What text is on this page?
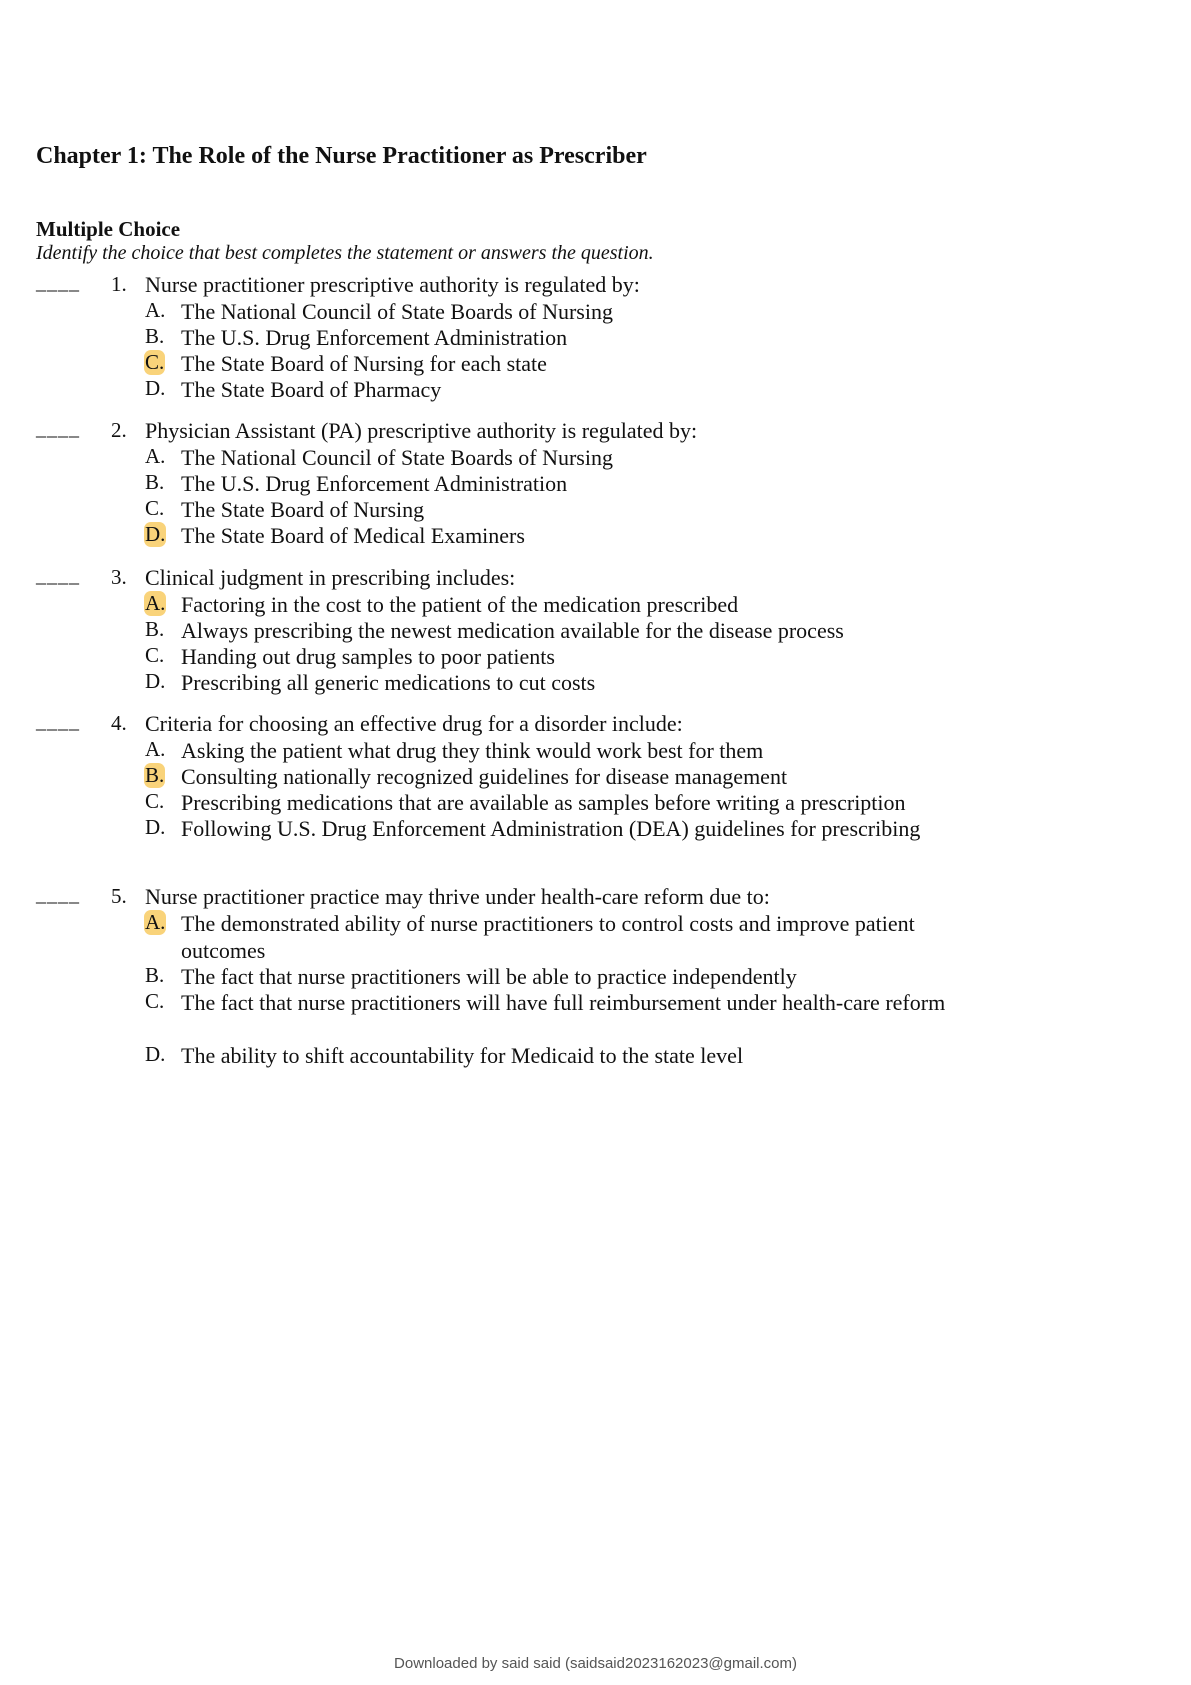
Chapter 1: The Role of the Nurse Practitioner as Prescriber
Multiple Choice
Identify the choice that best completes the statement or answers the question.
____ 1. Nurse practitioner prescriptive authority is regulated by:
A. The National Council of State Boards of Nursing
B. The U.S. Drug Enforcement Administration
C. The State Board of Nursing for each state
D. The State Board of Pharmacy
____ 2. Physician Assistant (PA) prescriptive authority is regulated by:
A. The National Council of State Boards of Nursing
B. The U.S. Drug Enforcement Administration
C. The State Board of Nursing
D. The State Board of Medical Examiners
____ 3. Clinical judgment in prescribing includes:
A. Factoring in the cost to the patient of the medication prescribed
B. Always prescribing the newest medication available for the disease process
C. Handing out drug samples to poor patients
D. Prescribing all generic medications to cut costs
____ 4. Criteria for choosing an effective drug for a disorder include:
A. Asking the patient what drug they think would work best for them
B. Consulting nationally recognized guidelines for disease management
C. Prescribing medications that are available as samples before writing a prescription
D. Following U.S. Drug Enforcement Administration (DEA) guidelines for prescribing
____ 5. Nurse practitioner practice may thrive under health-care reform due to:
A. The demonstrated ability of nurse practitioners to control costs and improve patient outcomes
B. The fact that nurse practitioners will be able to practice independently
C. The fact that nurse practitioners will have full reimbursement under health-care reform
D. The ability to shift accountability for Medicaid to the state level
Downloaded by said said (saidsaid2023162023@gmail.com)
